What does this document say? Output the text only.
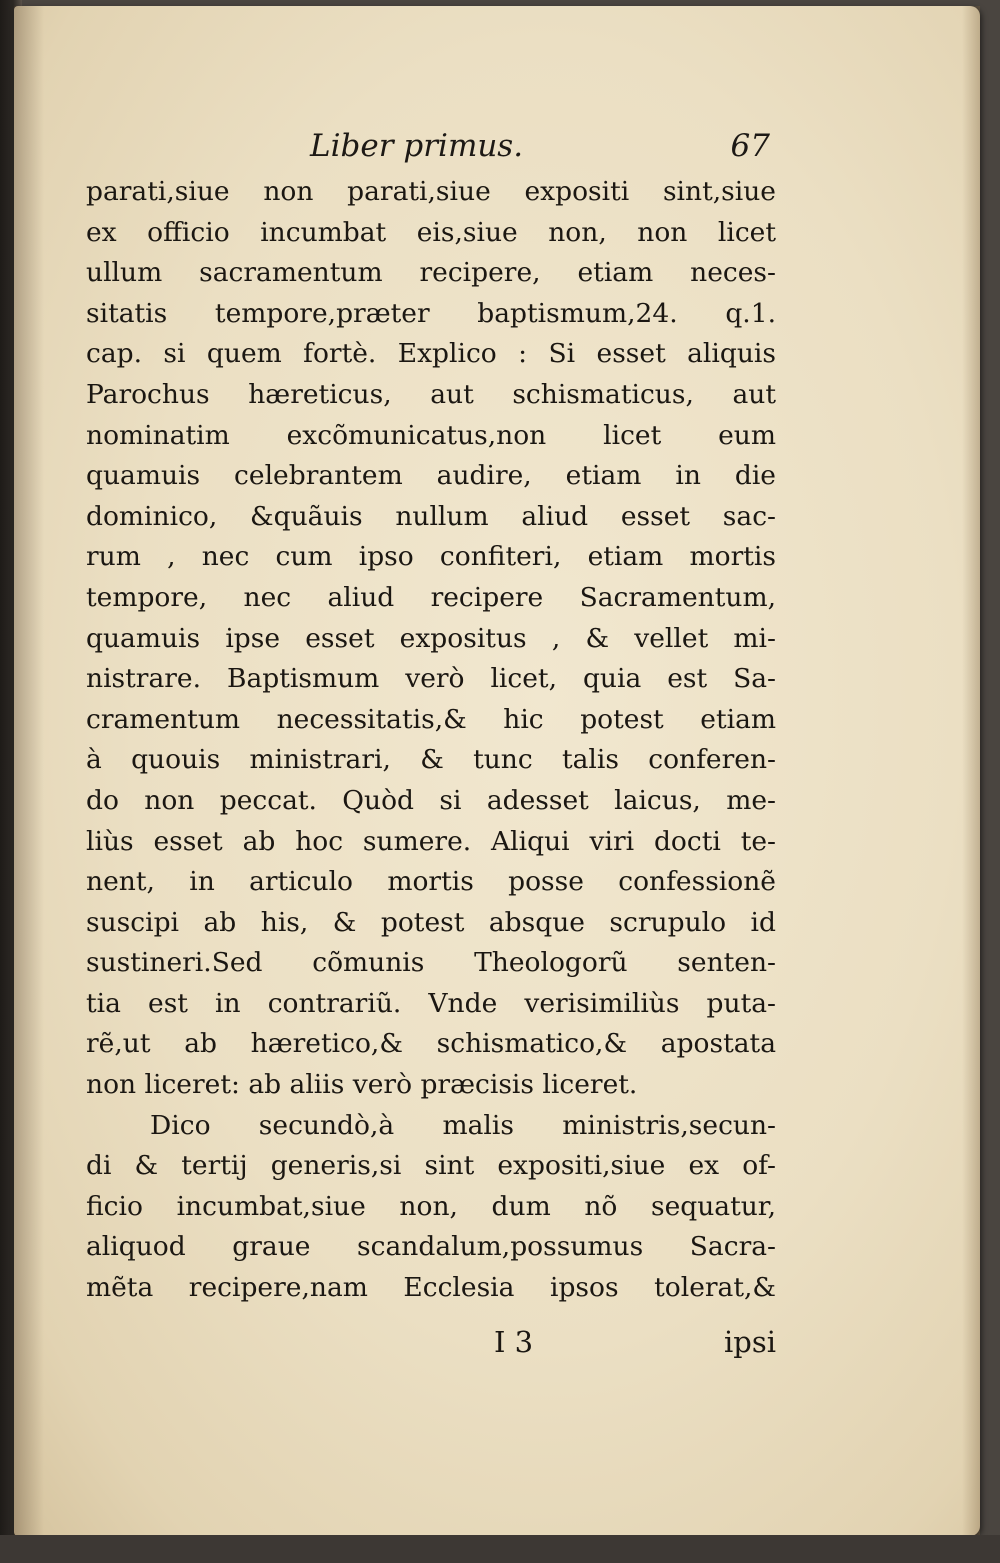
Liber primus.	67
parati,siue non parati,siue expositi sint,siue
ex officio incumbat eis,siue non, non licet
ullum sacramentum recipere, etiam neces-
sitatis tempore,præter baptismum,24. q.1.
cap. si quem fortè. Explico : Si esset aliquis
Parochus hæreticus, aut schismaticus, aut
nominatim excõmunicatus,non licet eum
quamuis celebrantem audire, etiam in die
dominico, &quãuis nullum aliud esset sac-
rum , nec cum ipso confiteri, etiam mortis
tempore, nec aliud recipere Sacramentum,
quamuis ipse esset expositus , & vellet mi-
nistrare. Baptismum verò licet, quia est Sa-
cramentum necessitatis,& hic potest etiam
à quouis ministrari, & tunc talis conferen-
do non peccat. Quòd si adesset laicus, me-
liùs esset ab hoc sumere. Aliqui viri docti te-
nent, in articulo mortis posse confessionẽ
suscipi ab his, & potest absque scrupulo id
sustineri.Sed cõmunis Theologorũ senten-
tia est in contrariũ. Vnde verisimiliùs puta-
rẽ,ut ab hæretico,& schismatico,& apostata
non liceret: ab aliis verò præcisis liceret.
Dico secundò,à malis ministris,secun-
di & tertij generis,si sint expositi,siue ex of-
ficio incumbat,siue non, dum nõ sequatur,
aliquod graue scandalum,possumus Sacra-
mẽta recipere,nam Ecclesia ipsos tolerat,&
I 3	ipsi
